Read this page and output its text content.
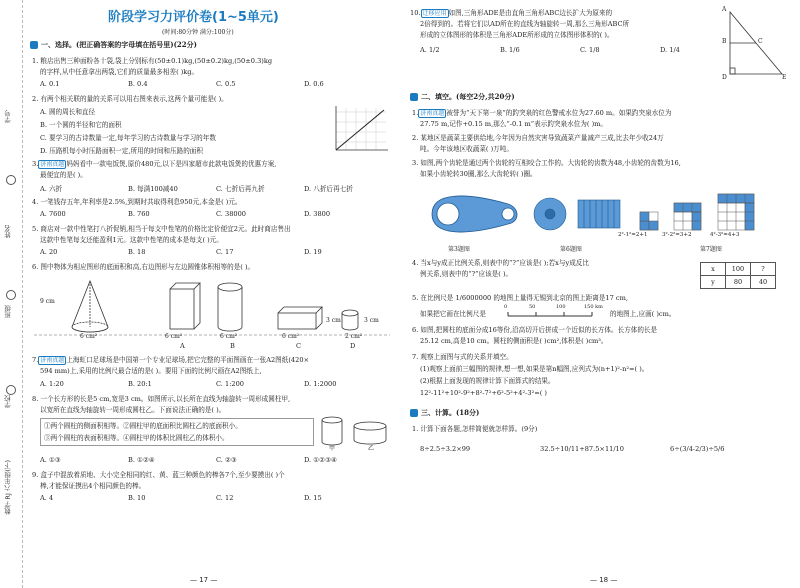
学号
姓名
班级
学校
数学 RJ 六年级(下)
阶段学习力评价卷(1~5单元)
(时间:80分钟 满分:100分)
一、选择。(把正确答案的字母填在括号里)(22分)
1. 粮店出售三种面粉各十袋,袋上分别标有(50±0.1)kg,(50±0.2)kg,(50±0.3)kg
的字样,从中任意拿出两袋,它们的质量最多相差( )kg。
A. 0.1	B. 0.4	C. 0.5	D. 0.6
2. 有两个相关联的量的关系可以用右图来表示,这两个量可能是( )。
A. 圆的周长和直径
B. 一个圆的半径和它的面积
C. 要学习的古诗数量一定,每年学习的古诗数量与学习的年数
D. 压路机每小时压路面积一定,所用的时间和压路的面积
3. 济南真题 妈妈看中一款电饭煲,原价480元,以下是四家超市此款电饭煲的优惠方案,
最便宜的是( )。
A. 六折	B. 每满100减40	C. 七折后再九折	D. 八折后再七折
4. 一笔钱存五年,年利率是2.5%,到期时共取得利息950元,本金是( )元。
A. 7600	B. 760	C. 38000	D. 3800
5. 商店对一款中性笔打八折促销,相当于每支中性笔的价格比定价便宜2元。此时商店售出
这款中性笔每支还能盈利1元。这款中性笔的成本是每支( )元。
A. 20	B. 18	C. 17	D. 19
6. 图中物体为相应图形的底面积和高,右边图形与左边圆锥体积相等的是( )。
9 cm
6 cm²	6 cm²	6 cm²	6 cm²
3 cm
2 cm²
3 cm
A	B	C	D
7. 济南真题 上海虹口足球场是中国第一个专业足球场,把它完整的平面图画在一张A2图纸(420×
594 mm)上,采用的比例尺最合适的是( )。要用下面的比例尺画在A2图纸上,
A. 1:20	B. 20:1	C. 1:200	D. 1:2000
8. 一个长方形的长是5 cm,宽是3 cm。如图所示,以长所在直线为轴旋转一周形成圆柱甲,
以宽所在直线为轴旋转一周形成圆柱乙。下面说法正确的是( )。
①两个圆柱的侧面积相等。②圆柱甲的底面积比圆柱乙的底面积小。
③两个圆柱的表面积相等。④圆柱甲的体积比圆柱乙的体积小。
甲	乙
A. ①③	B. ①②④	C. ②③	D. ①②③④
9. 盒子中混放着质地、大小完全相同的红、黄、蓝三种颜色的棒各7个,至少要摸出( )个
棒,才能保证摸出4个相同颜色的棒。
A. 4	B. 10	C. 12	D. 15
— 17 —
10. 迁移应用 如图,三角形ADE是由直角三角形ABC边长扩大为原来的
2倍得到的。若将它们以AD所在的直线为轴旋转一周,那么三角形ABC所
形成的立体图形的体积是三角形ADE所形成的立体图形体积的( )。
A. 1/2	B. 1/6	C. 1/8	D. 1/4
A
B	C
D	E
二、填空。(每空2分,共20分)
1. 济南真题 被誉为“天下第一泉”的趵突泉的红色警戒水位为27.60 m。如果趵突泉水位为
27.75 m,记作+0.15 m,那么“-0.1 m”表示趵突泉水位为( )m。
2. 某地区是蔬菜主要供给地,今年因为自然灾害导致蔬菜产量减产三成,比去年少收24万
吨。今年该地区收蔬菜( )万吨。
3. 如图,两个齿轮是通过两个齿轮的互相咬合工作的。大齿轮的齿数为48,小齿轮的齿数为16,
如果小齿轮转30圈,那么大齿轮转( )圈。
2²-1²=2+1	3²-2²=3+2	4²-3²=4+3
第3题图	第6题图	第7题图
4. 当x与y成正比例关系,则表中的“?”应该是( );若x与y成反比
例关系,则表中的“?”应该是( )。
x	100	?
y	80	40
5. 在比例尺是 1/6000000 的地图上量得无锡到北京的图上距离是17 cm,
如果把它画在比例尺是
0	50	100	150 km
的地图上,应画( )cm。
6. 如图,把圆柱的底面分成16等份,沿高切开后拼成一个近似的长方体。长方体的长是
25.12 cm,高是10 cm。圆柱的侧面积是( )cm²,体积是( )cm³。
7. 观察上面图与式的关系并填空。
(1)观察上面前三幅图的规律,想一想,如果是第n幅图,应列式为(n+1)²-n²=( )。
(2)根据上面发现的规律计算下面算式的结果。
12²-11²+10²-9²+8²-7²+6²-5²+4²-3²=( )
三、计算。(18分)
1. 计算下面各题,怎样简便就怎样算。(9分)
8÷2.5÷3.2×99	32.5÷10/11+87.5×11/10	6÷(3/4-2/3)÷5/6
— 18 —
